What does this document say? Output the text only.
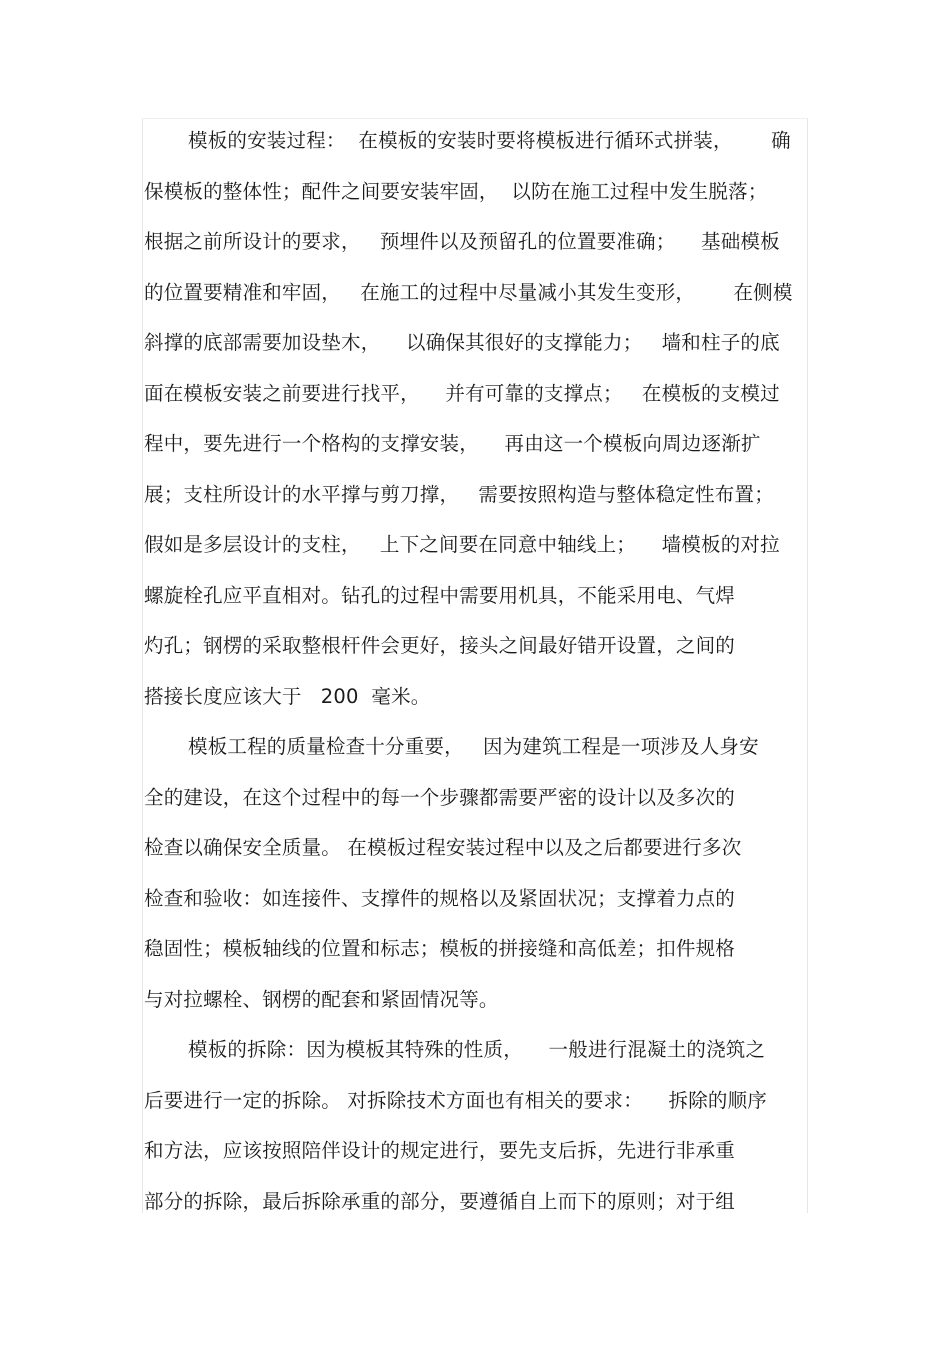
模板的安装过程：  在模板的安装时要将模板进行循环式拼装，      确
保模板的整体性；配件之间要安装牢固，  以防在施工过程中发生脱落；
根据之前所设计的要求，   预埋件以及预留孔的位置要准确；    基础模板
的位置要精准和牢固，   在施工的过程中尽量减小其发生变形，      在侧模
斜撑的底部需要加设垫木，    以确保其很好的支撑能力；   墙和柱子的底
面在模板安装之前要进行找平，    并有可靠的支撑点；   在模板的支模过
程中，要先进行一个格构的支撑安装，    再由这一个模板向周边逐渐扩
展；支柱所设计的水平撑与剪刀撑，   需要按照构造与整体稳定性布置；
假如是多层设计的支柱，   上下之间要在同意中轴线上；    墙模板的对拉
螺旋栓孔应平直相对。钻孔的过程中需要用机具，不能采用电、气焊
灼孔；钢楞的采取整根杆件会更好，接头之间最好错开设置，之间的
搭接长度应该大于   200  毫米。
模板工程的质量检查十分重要，   因为建筑工程是一项涉及人身安
全的建设，在这个过程中的每一个步骤都需要严密的设计以及多次的
检查以确保安全质量。 在模板过程安装过程中以及之后都要进行多次
检查和验收：如连接件、支撑件的规格以及紧固状况；支撑着力点的
稳固性；模板轴线的位置和标志；模板的拼接缝和高低差；扣件规格
与对拉螺栓、钢楞的配套和紧固情况等。
模板的拆除：因为模板其特殊的性质，    一般进行混凝土的浇筑之
后要进行一定的拆除。 对拆除技术方面也有相关的要求：    拆除的顺序
和方法，应该按照陪伴设计的规定进行，要先支后拆，先进行非承重
部分的拆除，最后拆除承重的部分，要遵循自上而下的原则；对于组
